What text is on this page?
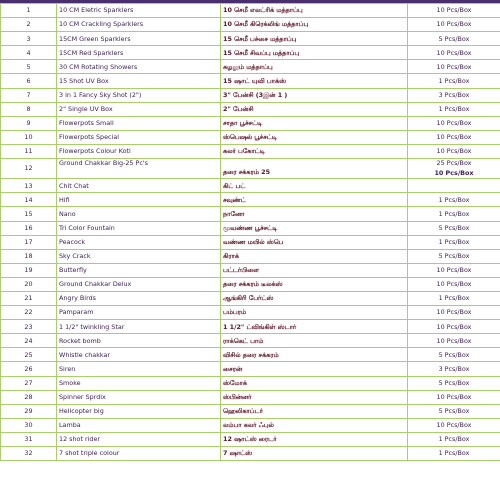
1	10 CM Eletric Sparklers	10 செமீ எலட்ரிக் மத்தாப்பு	10 Pcs/Box
2	10 CM Crackling Sparklers	10 செமீ கிரெக்லிங் மத்தாப்பு	10 Pcs/Box
3	15CM Green Sparklers	15 செமீ பச்சை மத்தாப்பு	5 Pcs/Box
4	15CM Red Sparklers	15 செமீ சிவப்பு மத்தாப்பு	10 Pcs/Box
5	30 CM Rotating Showers	சுழலும் மத்தாப்பு	10 Pcs/Box
6	15 Shot UV Box	15 ஷாட் யுவி பாக்ஸ்	1 Pcs/Box
7	3 in 1 Fancy Sky Shot (2")	3" பேன்சி (3இன் 1 )	3 Pcs/Box
8	2" Single UV Box	2" பேன்சி	1 Pcs/Box
9	Flowerpots Small	சாதா பூச்சட்டி	10 Pcs/Box
10	Flowerpots Special	ஸ்பெஷல் பூச்சட்டி	10 Pcs/Box
11	Flowerpots Colour Koti	கலர் பகோட்டி	10 Pcs/Box
12	Ground Chakkar Big-25 Pc's	தரை சக்கரம் 25	25 Pcs/Box
10 Pcs/Box

13	Chit Chat	கிட் பட்	
14	Hifi	சவுண்ட்	1 Pcs/Box
15	Nano	நானோ	1 Pcs/Box
16	Tri Color Fountain	மூவண்ண பூச்சட்டி	5 Pcs/Box
17	Peacock	வண்ண மயில் ஸ்பெ	1 Pcs/Box
18	Sky Crack	கிராக்	5 Pcs/Box
19	Butterfly	பட்டர்பிளை	10 Pcs/Box
20	Ground Chakkar Delux	தரை சக்கரம் டீலக்ஸ்	10 Pcs/Box
21	Angry Birds	ஆங்கிரி பேர்ட்ஸ்	1 Pcs/Box
22	Pamparam	பம்பரம்	10 Pcs/Box
23	1 1/2" twinkling Star	1 1/2" ட்விங்கிள் ஸ்டார்	10 Pcs/Box
24	Rocket bomb	ராக்கெட் பாம்	10 Pcs/Box
25	Whistle chakkar	விசில் தரை சக்கரம்	5 Pcs/Box
26	Siren	சைரன்	3 Pcs/Box
27	Smoke	ஸ்மோக்	5 Pcs/Box
28	Spinner Sprdix	ஸ்பின்னர்	10 Pcs/Box
29	Helicopter big	ஹெலிகாப்டர்	5 Pcs/Box
30	Lamba	லம்பா கலர் ஃபுல்	10 Pcs/Box
31	12 shot rider	12 ஷாட்ஸ் ரைடர்	1 Pcs/Box
32	7 shot triple colour	7 ஷாட்ஸ்	1 Pcs/Box
